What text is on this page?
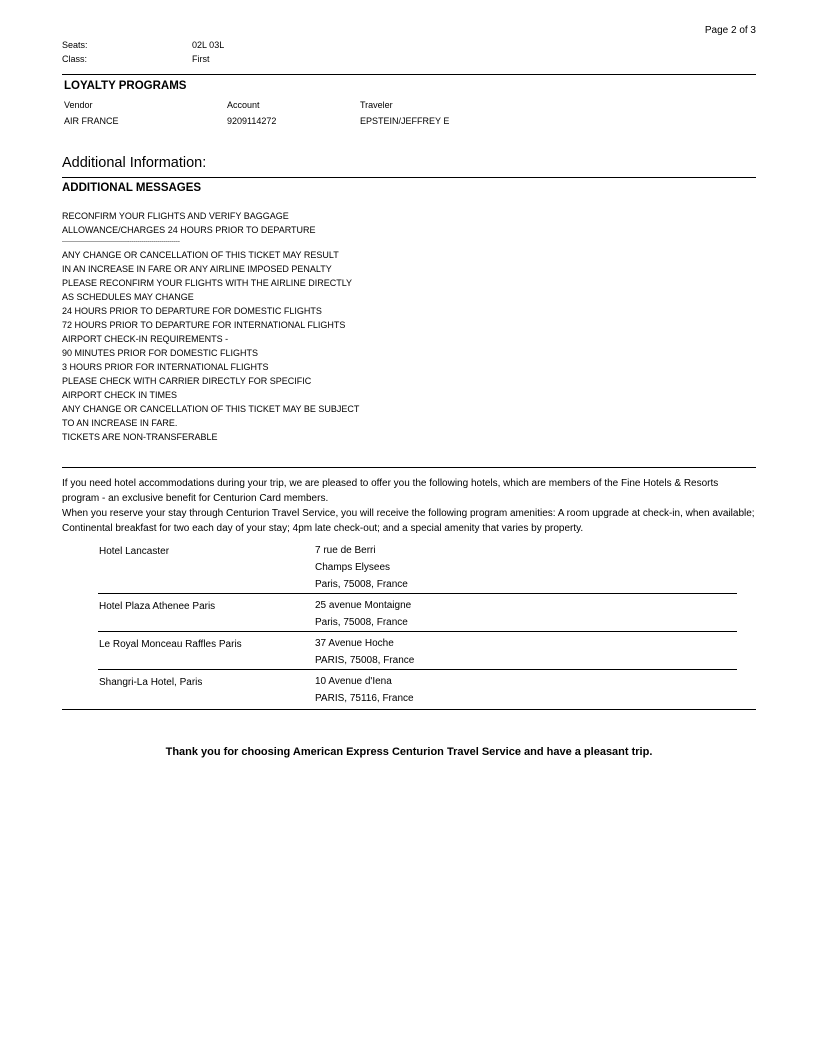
Page 2 of 3
Seats:	02L 03L
Class:	First
LOYALTY PROGRAMS
Vendor	Account	Traveler
AIR FRANCE	9209114272	EPSTEIN/JEFFREY E
Additional Information:
ADDITIONAL MESSAGES
RECONFIRM YOUR FLIGHTS AND VERIFY BAGGAGE
ALLOWANCE/CHARGES 24 HOURS PRIOR TO DEPARTURE
-----------------------------------------------------------
ANY CHANGE OR CANCELLATION OF THIS TICKET MAY RESULT
IN AN INCREASE IN FARE OR ANY AIRLINE IMPOSED PENALTY
PLEASE RECONFIRM YOUR FLIGHTS WITH THE AIRLINE DIRECTLY
AS SCHEDULES MAY CHANGE
24 HOURS PRIOR TO DEPARTURE FOR DOMESTIC FLIGHTS
72 HOURS PRIOR TO DEPARTURE FOR INTERNATIONAL FLIGHTS
AIRPORT CHECK-IN REQUIREMENTS -
90 MINUTES PRIOR FOR DOMESTIC FLIGHTS
3 HOURS PRIOR FOR INTERNATIONAL FLIGHTS
PLEASE CHECK WITH CARRIER DIRECTLY FOR SPECIFIC
AIRPORT CHECK IN TIMES
ANY CHANGE OR CANCELLATION OF THIS TICKET MAY BE SUBJECT
TO AN INCREASE IN FARE.
TICKETS ARE NON-TRANSFERABLE

If you need hotel accommodations during your trip, we are pleased to offer you the following hotels, which are members of the Fine Hotels & Resorts program - an exclusive benefit for Centurion Card members.

When you reserve your stay through Centurion Travel Service, you will receive the following program amenities: A room upgrade at check-in, when available; Continental breakfast for two each day of your stay; 4pm late check-out; and a special amenity that varies by property.

Hotel Lancaster	7 rue de Berri
Champs Elysees
Paris, 75008, France
Hotel Plaza Athenee Paris	25 avenue Montaigne
Paris, 75008, France
Le Royal Monceau Raffles Paris	37 Avenue Hoche
PARIS, 75008, France
Shangri-La Hotel, Paris	10 Avenue d'Iena
PARIS, 75116, France
Thank you for choosing American Express Centurion Travel Service and have a pleasant trip.
